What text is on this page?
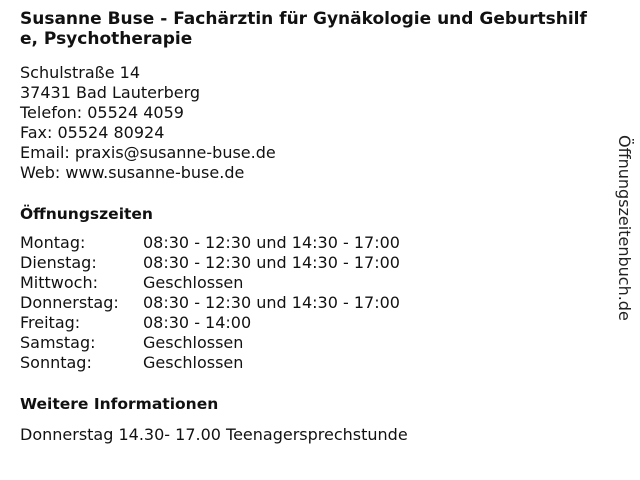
Susanne Buse - Fachärztin für Gynäkologie und Geburtshilfe, Psychotherapie
Schulstraße 14
37431 Bad Lauterberg
Telefon: 05524 4059
Fax: 05524 80924
Email: praxis@susanne-buse.de
Web: www.susanne-buse.de
Öffnungszeiten
Montag:	08:30 - 12:30 und 14:30 - 17:00
Dienstag:	08:30 - 12:30 und 14:30 - 17:00
Mittwoch:	Geschlossen
Donnerstag:	08:30 - 12:30 und 14:30 - 17:00
Freitag:	08:30 - 14:00
Samstag:	Geschlossen
Sonntag:	Geschlossen
Weitere Informationen
Donnerstag 14.30- 17.00 Teenagersprechstunde
Öffnungszeitenbuch.de
